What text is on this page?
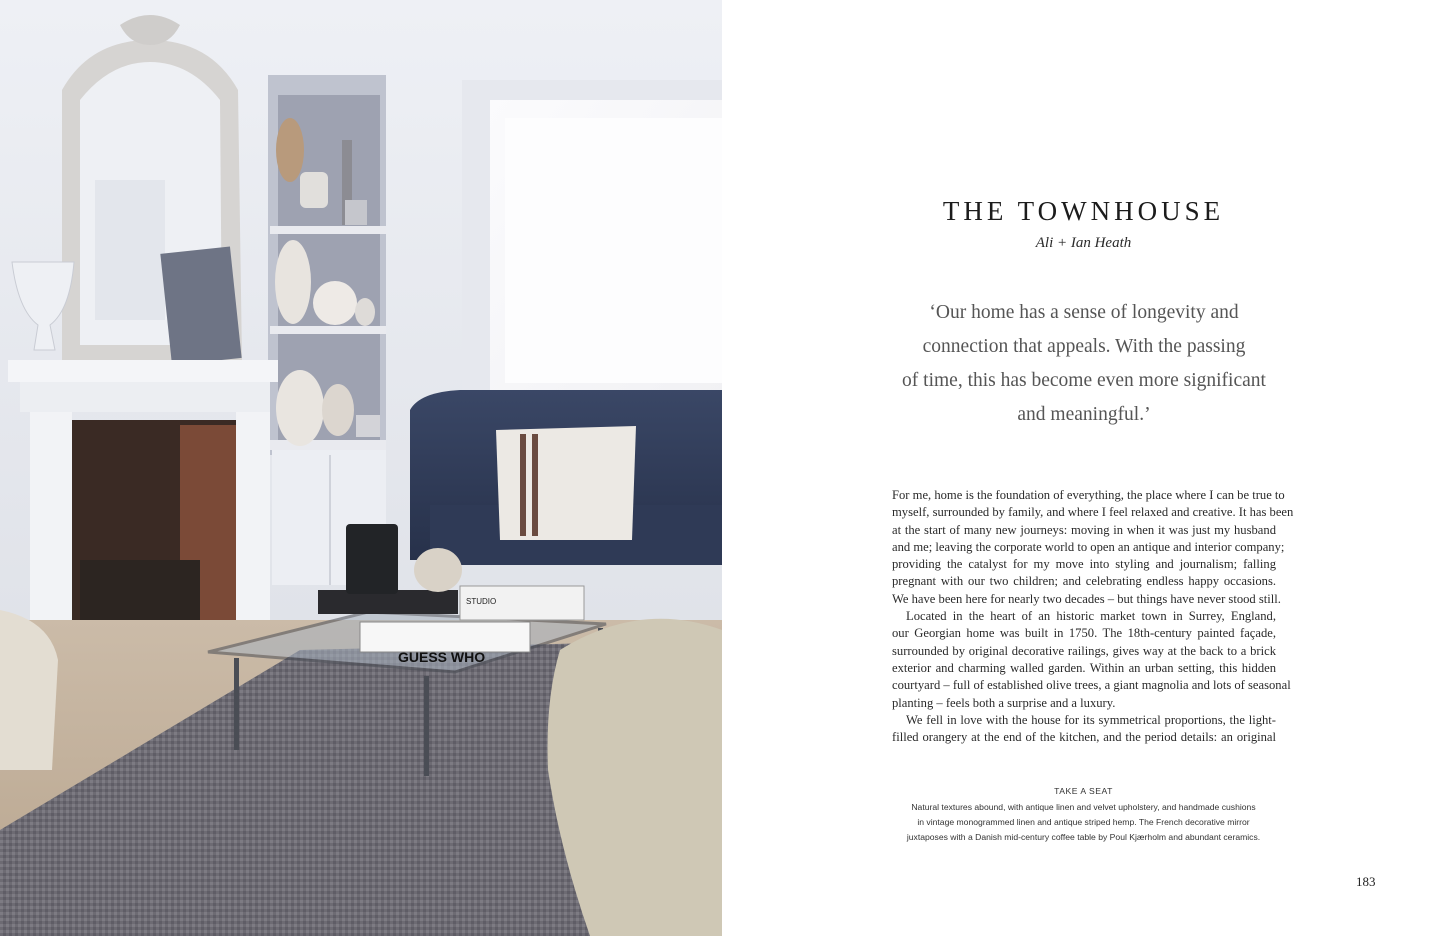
GUESS WHO
STUDIO
THE TOWNHOUSE
Ali + Ian Heath
‘Our home has a sense of longevity and
connection that appeals. With the passing
of time, this has become even more significant
and meaningful.’
For me, home is the foundation of everything, the place where I can be true to
myself, surrounded by family, and where I feel relaxed and creative. It has been
at the start of many new journeys: moving in when it was just my husband
and me; leaving the corporate world to open an antique and interior company;
providing the catalyst for my move into styling and journalism; falling
pregnant with our two children; and celebrating endless happy occasions.
We have been here for nearly two decades – but things have never stood still.
Located in the heart of an historic market town in Surrey, England,
our Georgian home was built in 1750. The 18th-century painted façade,
surrounded by original decorative railings, gives way at the back to a brick
exterior and charming walled garden. Within an urban setting, this hidden
courtyard – full of established olive trees, a giant magnolia and lots of seasonal
planting – feels both a surprise and a luxury.
We fell in love with the house for its symmetrical proportions, the light-
filled orangery at the end of the kitchen, and the period details: an original
TAKE A SEAT
Natural textures abound, with antique linen and velvet upholstery, and handmade cushions
in vintage monogrammed linen and antique striped hemp. The French decorative mirror
juxtaposes with a Danish mid-century coffee table by Poul Kjærholm and abundant ceramics.
183
